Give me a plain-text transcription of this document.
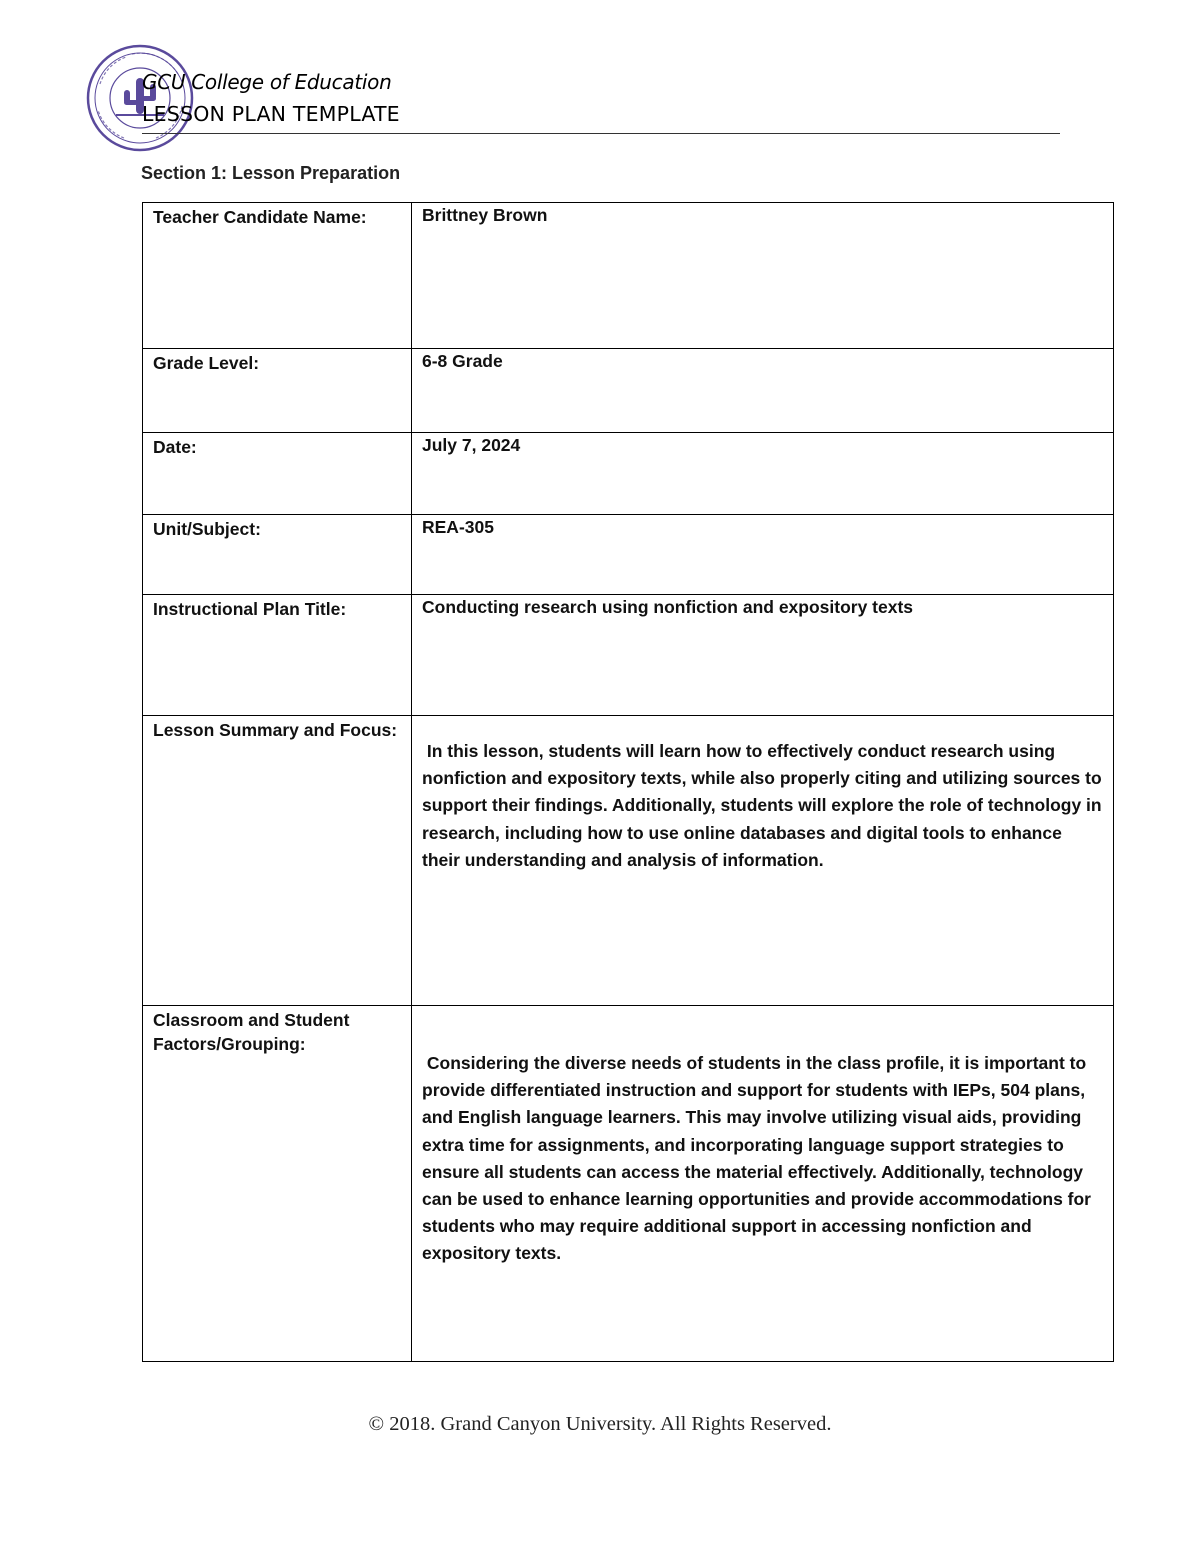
GCU College of Education
LESSON PLAN TEMPLATE
Section 1: Lesson Preparation
Teacher Candidate Name:	Brittney Brown
Grade Level:	6-8 Grade
Date:	July 7, 2024
Unit/Subject:	REA-305
Instructional Plan Title:	Conducting research using nonfiction and expository texts
Lesson Summary and Focus:	In this lesson, students will learn how to effectively conduct research using nonfiction and expository texts, while also properly citing and utilizing sources to support their findings. Additionally, students will explore the role of technology in research, including how to use online databases and digital tools to enhance their understanding and analysis of information.

Classroom and Student Factors/Grouping:	Considering the diverse needs of students in the class profile, it is important to provide differentiated instruction and support for students with IEPs, 504 plans, and English language learners. This may involve utilizing visual aids, providing extra time for assignments, and incorporating language support strategies to ensure all students can access the material effectively. Additionally, technology can be used to enhance learning opportunities and provide accommodations for students who may require additional support in accessing nonfiction and expository texts.
© 2018. Grand Canyon University. All Rights Reserved.
